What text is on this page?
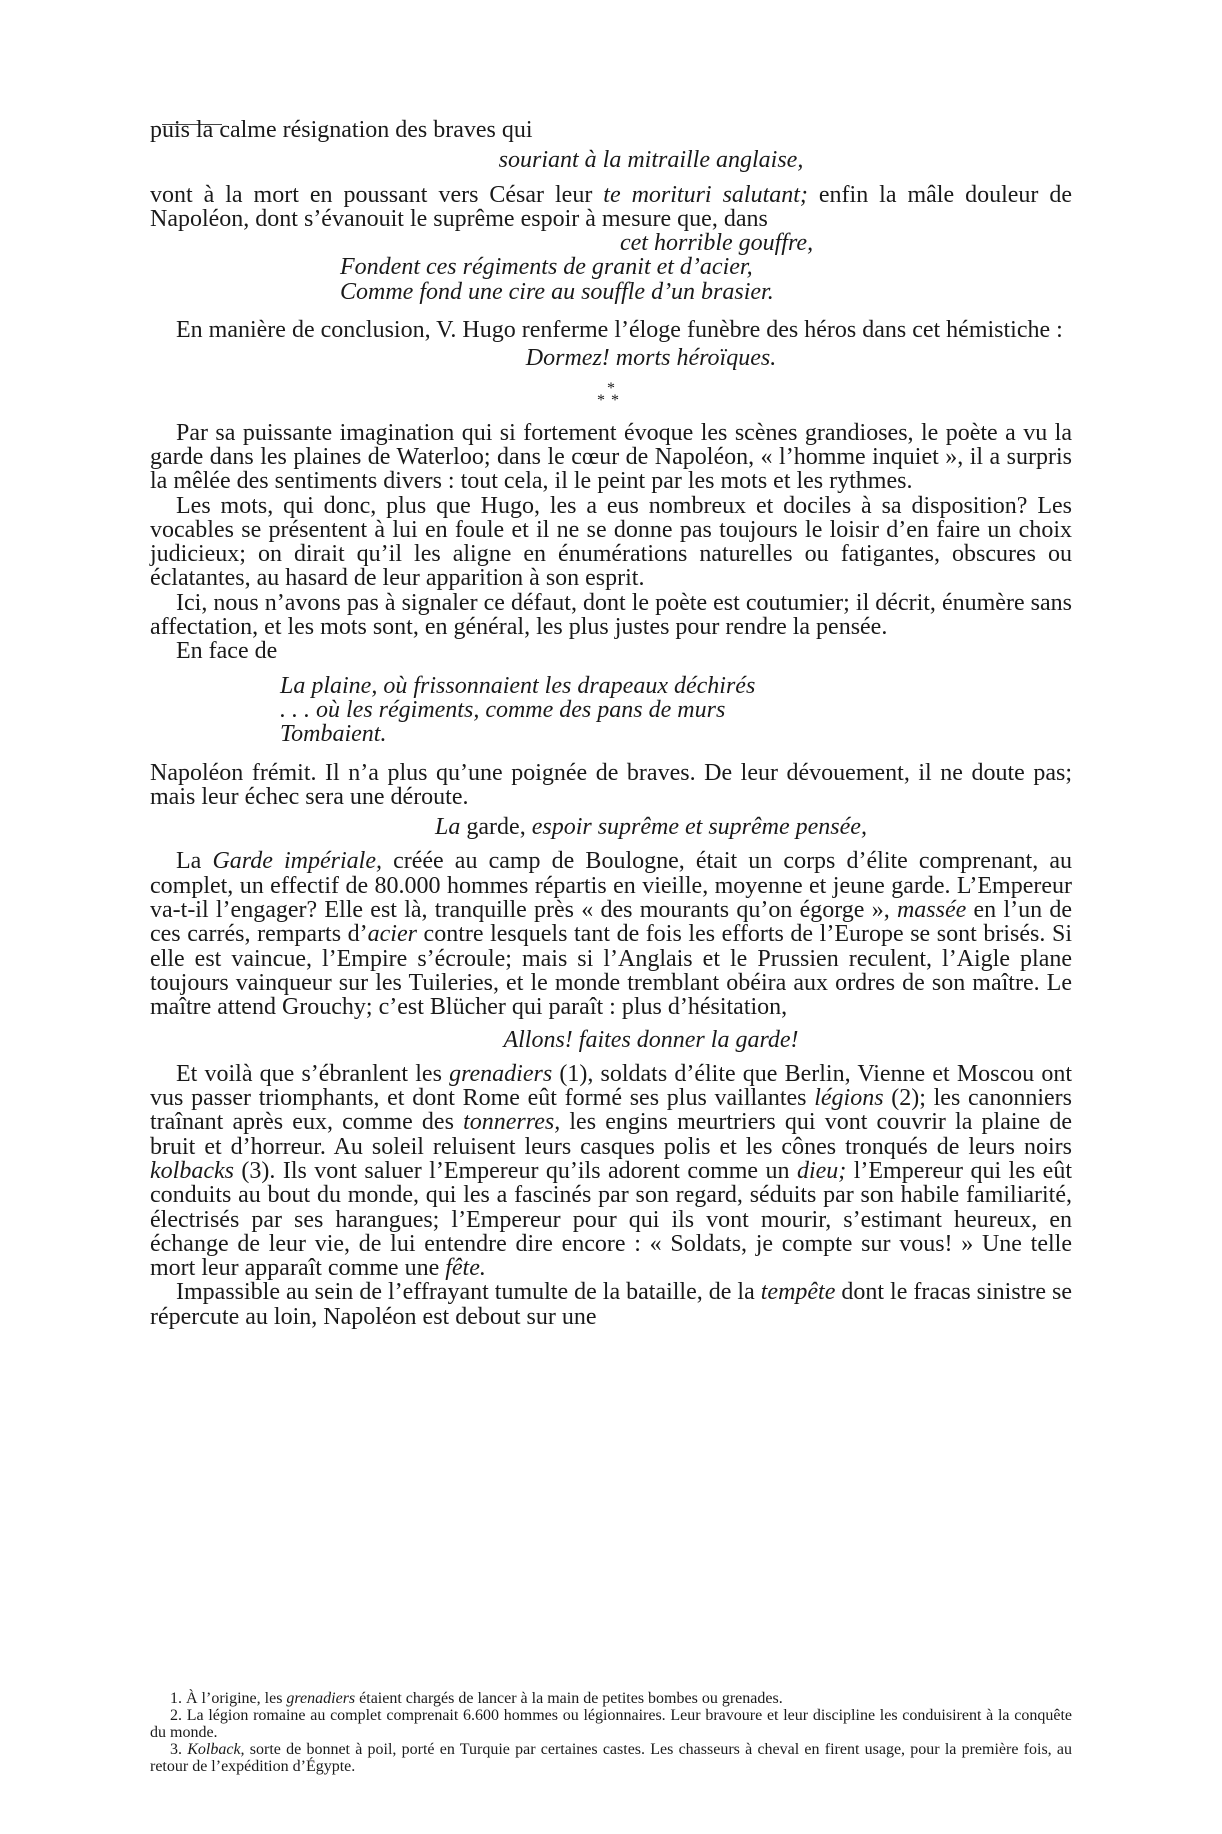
puis la calme résignation des braves qui

souriant à la mitraille anglaise,

vont à la mort en poussant vers César leur te morituri salutant; enfin la mâle douleur de Napoléon, dont s’évanouit le suprême espoir à mesure que, dans

cet horrible gouffre,

Fondent ces régiments de granit et d’acier,

Comme fond une cire au souffle d’un brasier.

En manière de conclusion, V. Hugo renferme l’éloge funèbre des héros dans cet hémistiche :

Dormez! morts héroïques.

*
**

Par sa puissante imagination qui si fortement évoque les scènes grandioses, le poète a vu la garde dans les plaines de Waterloo; dans le cœur de Napoléon, « l’homme inquiet », il a surpris la mêlée des sentiments divers : tout cela, il le peint par les mots et les rythmes.

Les mots, qui donc, plus que Hugo, les a eus nombreux et dociles à sa disposition? Les vocables se présentent à lui en foule et il ne se donne pas toujours le loisir d’en faire un choix judicieux; on dirait qu’il les aligne en énumérations naturelles ou fatigantes, obscures ou éclatantes, au hasard de leur apparition à son esprit.

Ici, nous n’avons pas à signaler ce défaut, dont le poète est coutumier; il décrit, énumère sans affectation, et les mots sont, en général, les plus justes pour rendre la pensée.

En face de

La plaine, où frissonnaient les drapeaux déchirés

. . . où les régiments, comme des pans de murs

Tombaient.

Napoléon frémit. Il n’a plus qu’une poignée de braves. De leur dévouement, il ne doute pas; mais leur échec sera une déroute.

La garde, espoir suprême et suprême pensée,

La Garde impériale, créée au camp de Boulogne, était un corps d’élite comprenant, au complet, un effectif de 80.000 hommes répartis en vieille, moyenne et jeune garde. L’Empereur va-t-il l’engager? Elle est là, tranquille près « des mourants qu’on égorge », massée en l’un de ces carrés, remparts d’acier contre lesquels tant de fois les efforts de l’Europe se sont brisés. Si elle est vaincue, l’Empire s’écroule; mais si l’Anglais et le Prussien reculent, l’Aigle plane toujours vainqueur sur les Tuileries, et le monde tremblant obéira aux ordres de son maître. Le maître attend Grouchy; c’est Blücher qui paraît : plus d’hésitation,

Allons! faites donner la garde!

Et voilà que s’ébranlent les grenadiers (1), soldats d’élite que Berlin, Vienne et Moscou ont vus passer triomphants, et dont Rome eût formé ses plus vaillantes légions (2); les canonniers traînant après eux, comme des tonnerres, les engins meurtriers qui vont couvrir la plaine de bruit et d’horreur. Au soleil reluisent leurs casques polis et les cônes tronqués de leurs noirs kolbacks (3). Ils vont saluer l’Empereur qu’ils adorent comme un dieu; l’Empereur qui les eût conduits au bout du monde, qui les a fascinés par son regard, séduits par son habile familiarité, électrisés par ses harangues; l’Empereur pour qui ils vont mourir, s’estimant heureux, en échange de leur vie, de lui entendre dire encore : « Soldats, je compte sur vous! » Une telle mort leur apparaît comme une fête.

Impassible au sein de l’effrayant tumulte de la bataille, de la tempête dont le fracas sinistre se répercute au loin, Napoléon est debout sur une

1. À l’origine, les grenadiers étaient chargés de lancer à la main de petites bombes ou grenades.

2. La légion romaine au complet comprenait 6.600 hommes ou légionnaires. Leur bravoure et leur discipline les conduisirent à la conquête du monde.

3. Kolback, sorte de bonnet à poil, porté en Turquie par certaines castes. Les chasseurs à cheval en firent usage, pour la première fois, au retour de l’expédition d’Égypte.
